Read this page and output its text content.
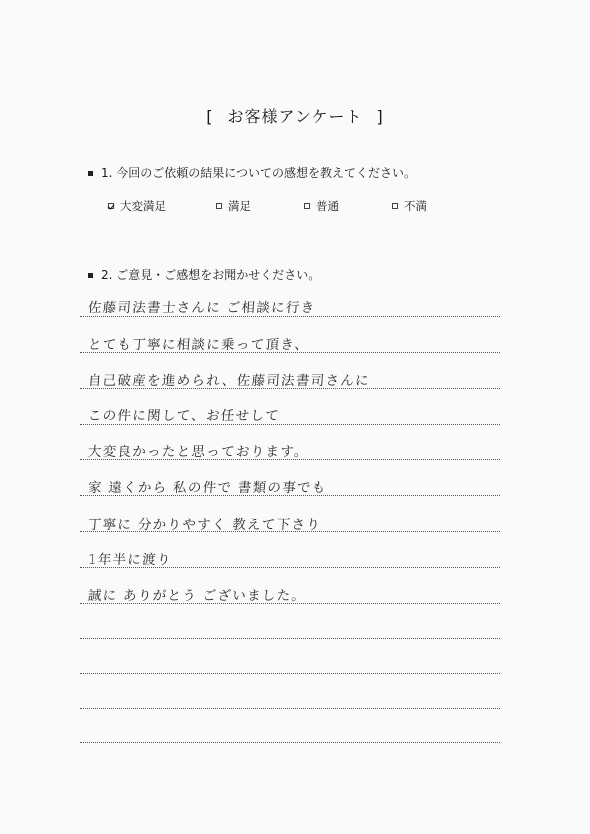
[ お客様アンケート ]
1. 今回のご依頼の結果についての感想を教えてください。
大変満足	満足	普通	不満
2. ご意見・ご感想をお聞かせください。
佐藤司法書士さんに ご相談に行き
とても丁寧に相談に乗って頂き、
自己破産を進められ、佐藤司法書司さんに
この件に関して、お任せして
大変良かったと思っております。
家 遠くから 私の件で 書類の事でも
丁寧に 分かりやすく 教えて下さり
1年半に渡り
誠に ありがとう ございました。
